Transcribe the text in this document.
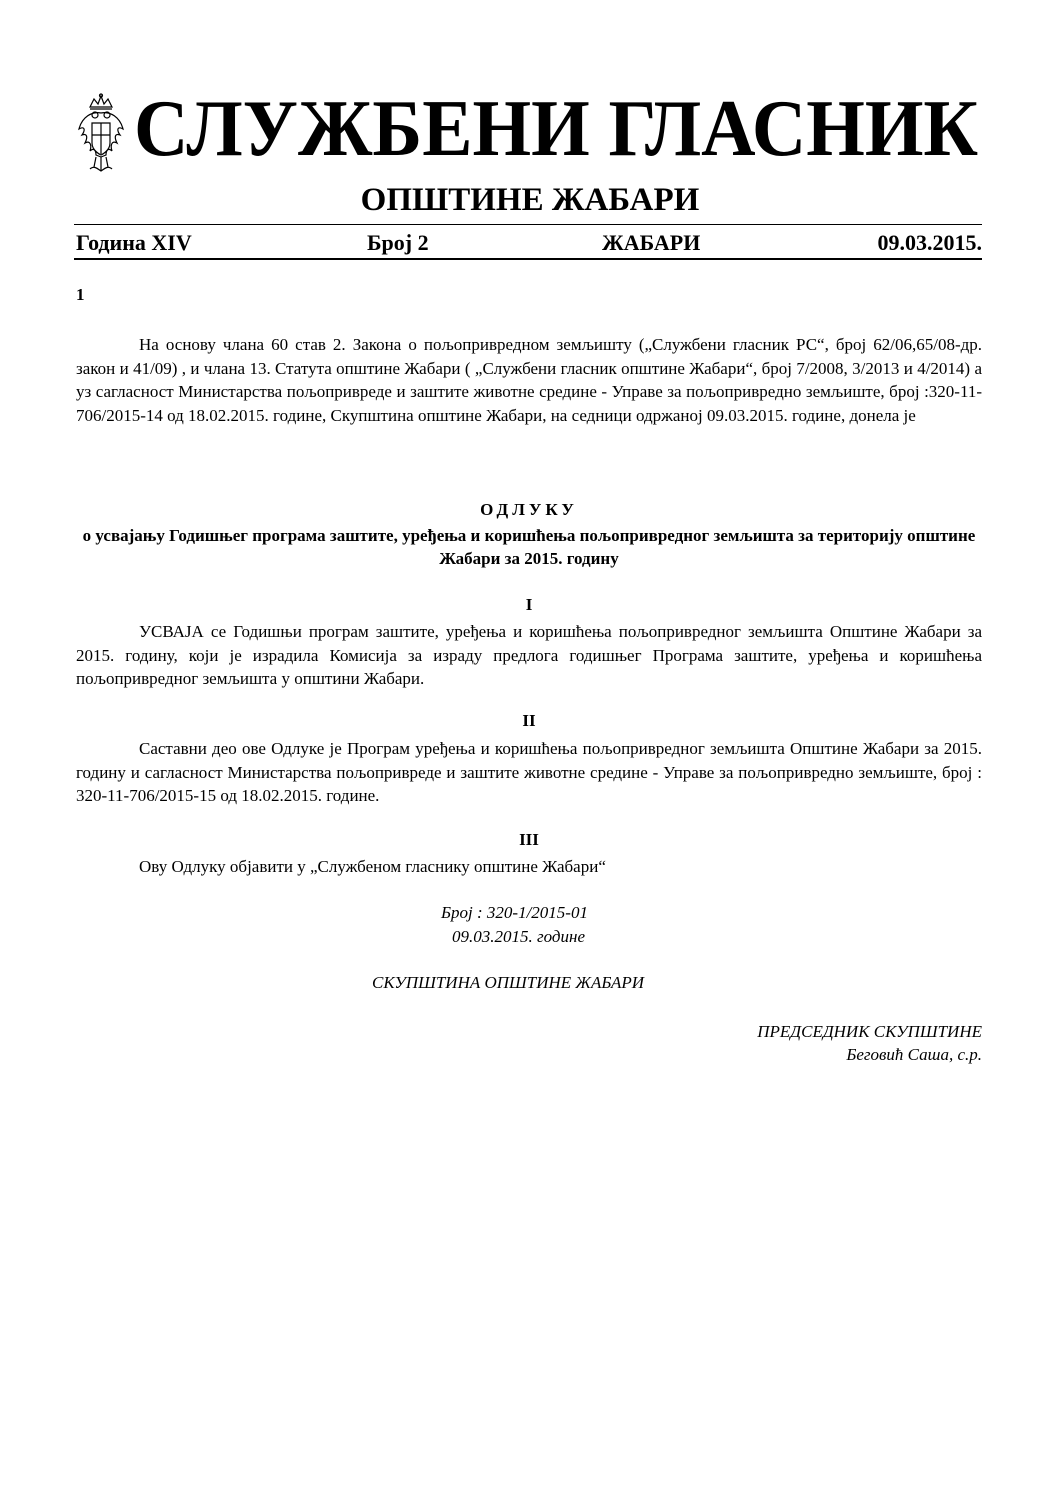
СЛУЖБЕНИ ГЛАСНИК
ОПШТИНЕ ЖАБАРИ
Година XIV	Број 2	ЖАБАРИ	09.03.2015.
1
На основу члана 60 став 2. Закона о пољопривредном земљишту („Службени гласник РС“, број 62/06,65/08-др. закон и 41/09) , и члана 13. Статута општине Жабари ( „Службени гласник општине Жабари“, број 7/2008, 3/2013 и 4/2014) а уз сагласност Министарства пољопривреде и заштите животне средине - Управе за пољопривредно земљиште, број :320-11-706/2015-14 од 18.02.2015. године, Скупштина општине Жабари, на седници одржаној 09.03.2015. године, донела је
ОДЛУКУ
о усвајању Годишњег програма заштите, уређења и коришћења пољопривредног земљишта за територију општине Жабари за 2015. годину
I
УСВАЈА се Годишњи програм заштите, уређења и коришћења пољопривредног земљишта Општине Жабари за 2015. годину, који је израдила Комисија за израду предлога годишњег Програма заштите, уређења и коришћења пољопривредног земљишта у општини Жабари.
II
Саставни део ове Одлуке је Програм уређења и коришћења пољопривредног земљишта Општине Жабари за 2015. годину и сагласност Министарства пољопривреде и заштите животне средине - Управе за пољопривредно земљиште, број : 320-11-706/2015-15 од 18.02.2015. године.
III
Ову Одлуку објавити у „Службеном гласнику општине Жабари“
Број : 320-1/2015-01
09.03.2015. године
СКУПШТИНА ОПШТИНЕ ЖАБАРИ
ПРЕДСЕДНИК СКУПШТИНЕ
Беговић Саша, с.р.
